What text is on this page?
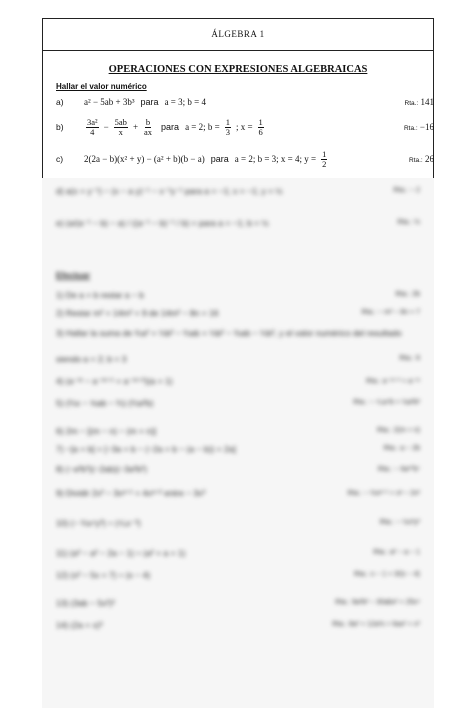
ÁLGEBRA 1
OPERACIONES CON EXPRESIONES ALGEBRAICAS
Hallar el valor numérico
a)	a² − 5ab + 3b³ para a = 3; b = 4	Rta.: 141
b)	$\frac{\text{3a²}}{4} - \frac{5ab}{x} + \frac{b}{ax}$ para a = 2; $b = \frac{1}{3}$ ; $x = \frac{1}{6}$	Rta.: −16
c)	2(2a − b)(x² + y) − (a² + b)(b − a) para a = 2; b = 3; x = 4; $y = \frac{1}{2}$	Rta.: 26
d) a(x + y⁻¹) − (x − a y)⁻¹ − x⁻¹y⁻¹ para a = −1; x = −1; y = ½	Rta.: − 2
e) (a/(a⁻¹ − b) − a) / ((a⁻¹ − b)⁻¹ / b) = para a = −1; b = ½	Rta.: ⅓
Efectuar
1) De a + b restar a − b	Rta.: 2b
2) Restar m² + 14m² + 9 de 14m² − 8n + 16	Rta.: − m² − 8n + 7
3) Hallar la suma de ¾a² + ⅓b² − ⅔ab + ⅓b² − ⅜ab − ⅓b², y el valor numérico del resultado
siendo a = 2; b = 3	Rta.: 6
4) (a⁻ᵐ − a⁻ᵐ⁺¹ + a⁻ᵐ⁺²)(a + 1)	Rta.: a⁻ᵐ⁺³ + a⁻ᵐ
5) (⅔x − ⅝ab − ⅔) (⅔a²b)	Rta.: − ⁴⁄₉a⁴b + ½a²b²
6) 2m − [(m − n) − (m + n)]	Rta.: 2(m + n)
7) −[a + b] + [−3a + b − (−2a + b − (a − b)) + 2a]	Rta.: a − 2b
8) (−a²b³)(−2ab)(−3a²b²)	Rta.: − 6a¹⁰b⁷
9) Dividir 2x³ − 3xᵃ⁺¹ + 4xᵃ⁺² entre − 3x³	Rta.: − ⅔xᵃ⁺¹ + xᵃ − 2x²
10) (− ⅔x⁴y³) ÷ (⁴⁄₉x⁻²)	Rta.: − ½x³y³
11) (a³ − a² − 2a − 1) ÷ (a² + a + 1)	Rta.: a² − a − 1
12) (x² − 5x + 7) ÷ (x − 4)	Rta.: x − 1 + 3/(x − 4)
13) (3ab − 5x²)²	Rta.: 9a²b² − 30abx² + 25x⁴
14) (2a + x)³	Rta.: 8a³ + 12a²x + 6ax² + x³
